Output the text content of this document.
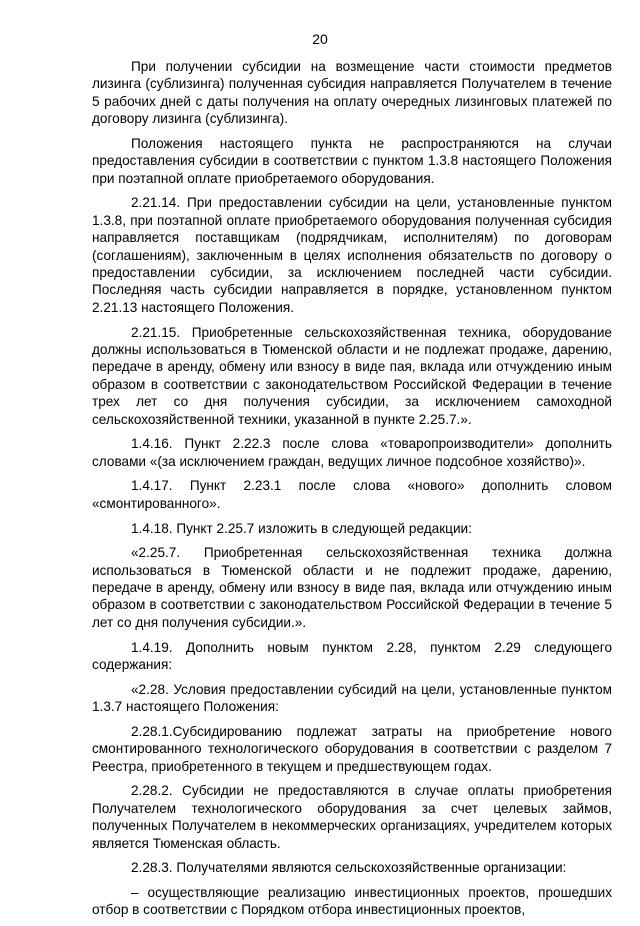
20

При получении субсидии на возмещение части стоимости предметов лизинга (сублизинга) полученная субсидия направляется Получателем в течение 5 рабочих дней с даты получения на оплату очередных лизинговых платежей по договору лизинга (сублизинга).

Положения настоящего пункта не распространяются на случаи предоставления субсидии в соответствии с пунктом 1.3.8 настоящего Положения при поэтапной оплате приобретаемого оборудования.

2.21.14. При предоставлении субсидии на цели, установленные пунктом 1.3.8, при поэтапной оплате приобретаемого оборудования полученная субсидия направляется поставщикам (подрядчикам, исполнителям) по договорам (соглашениям), заключенным в целях исполнения обязательств по договору о предоставлении субсидии, за исключением последней части субсидии. Последняя часть субсидии направляется в порядке, установленном пунктом 2.21.13 настоящего Положения.

2.21.15. Приобретенные сельскохозяйственная техника, оборудование должны использоваться в Тюменской области и не подлежат продаже, дарению, передаче в аренду, обмену или взносу в виде пая, вклада или отчуждению иным образом в соответствии с законодательством Российской Федерации в течение трех лет со дня получения субсидии, за исключением самоходной сельскохозяйственной техники, указанной в пункте 2.25.7.».

1.4.16. Пункт 2.22.3 после слова «товаропроизводители» дополнить словами «(за исключением граждан, ведущих личное подсобное хозяйство)».

1.4.17. Пункт 2.23.1 после слова «нового» дополнить словом «смонтированного».

1.4.18. Пункт 2.25.7 изложить в следующей редакции:

«2.25.7. Приобретенная сельскохозяйственная техника должна использоваться в Тюменской области и не подлежит продаже, дарению, передаче в аренду, обмену или взносу в виде пая, вклада или отчуждению иным образом в соответствии с законодательством Российской Федерации в течение 5 лет со дня получения субсидии.».

1.4.19. Дополнить новым пунктом 2.28, пунктом 2.29 следующего содержания:

«2.28. Условия предоставлении субсидий на цели, установленные пунктом 1.3.7 настоящего Положения:

2.28.1.Субсидированию подлежат затраты на приобретение нового смонтированного технологического оборудования в соответствии с разделом 7 Реестра, приобретенного в текущем и предшествующем годах.

2.28.2. Субсидии не предоставляются в случае оплаты приобретения Получателем технологического оборудования за счет целевых займов, полученных Получателем в некоммерческих организациях, учредителем которых является Тюменская область.

2.28.3. Получателями являются сельскохозяйственные организации:

– осуществляющие реализацию инвестиционных проектов, прошедших отбор в соответствии с Порядком отбора инвестиционных проектов,
